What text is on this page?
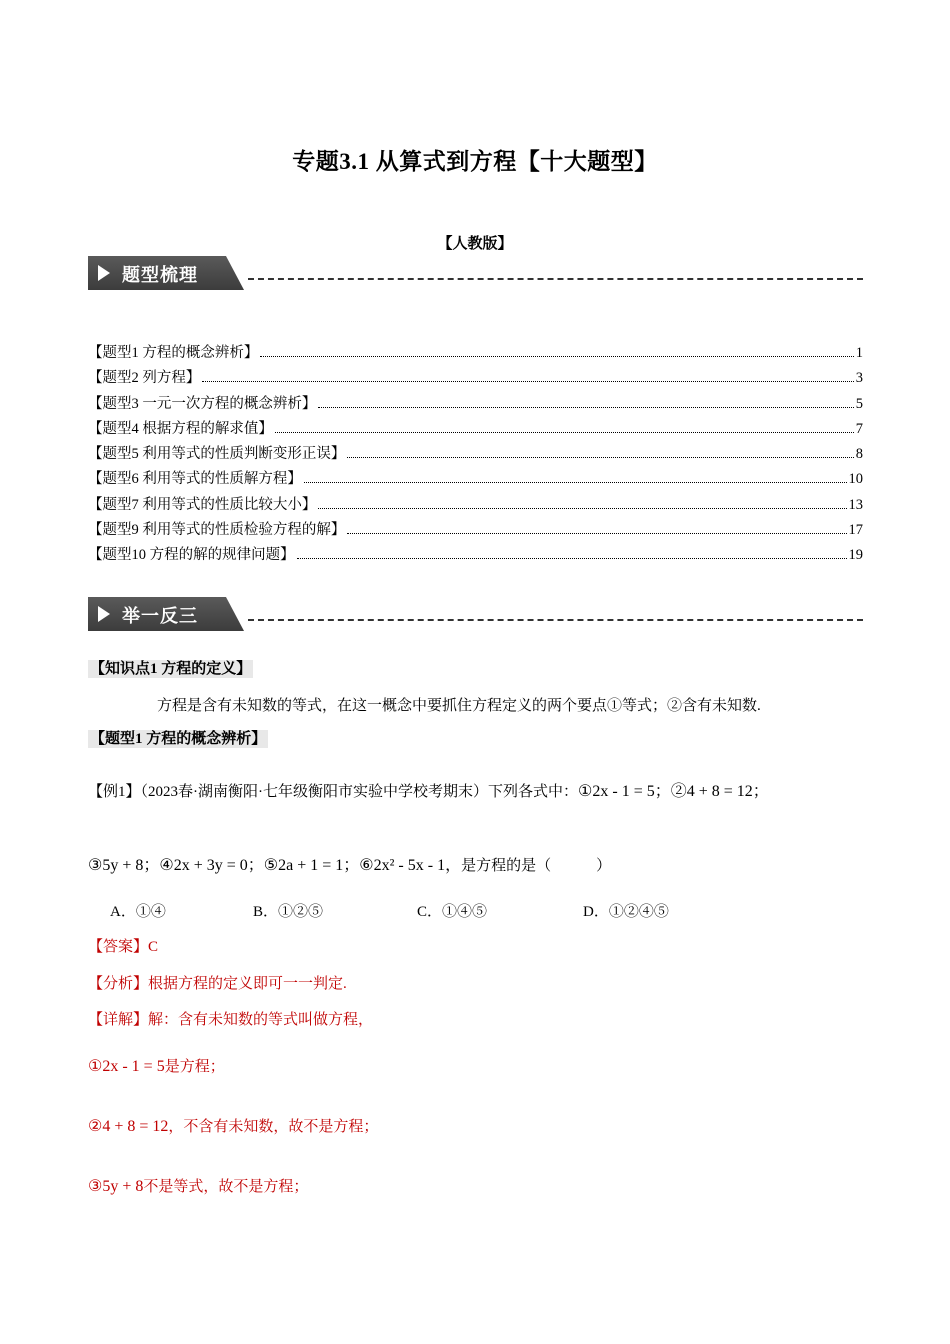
专题3.1 从算式到方程【十大题型】
【人教版】
题型梳理
【题型1 方程的概念辨析】	1
【题型2 列方程】	3
【题型3 一元一次方程的概念辨析】	5
【题型4 根据方程的解求值】	7
【题型5 利用等式的性质判断变形正误】	8
【题型6 利用等式的性质解方程】	10
【题型7 利用等式的性质比较大小】	13
【题型9 利用等式的性质检验方程的解】	17
【题型10 方程的解的规律问题】	19
举一反三
【知识点1 方程的定义】
方程是含有未知数的等式，在这一概念中要抓住方程定义的两个要点①等式；②含有未知数.
【题型1 方程的概念辨析】
【例1】（2023春·湖南衡阳·七年级衡阳市实验中学校考期末）下列各式中：①2x - 1 = 5；②4 + 8 = 12；
③5y + 8；④2x + 3y = 0；⑤2a + 1 = 1；⑥2x² - 5x - 1，是方程的是（　　　）
A．①④	B．①②⑤	C．①④⑤	D．①②④⑤
【答案】C
【分析】根据方程的定义即可一一判定.
【详解】解：含有未知数的等式叫做方程，
①2x - 1 = 5是方程；
②4 + 8 = 12，不含有未知数，故不是方程；
③5y + 8不是等式，故不是方程；
